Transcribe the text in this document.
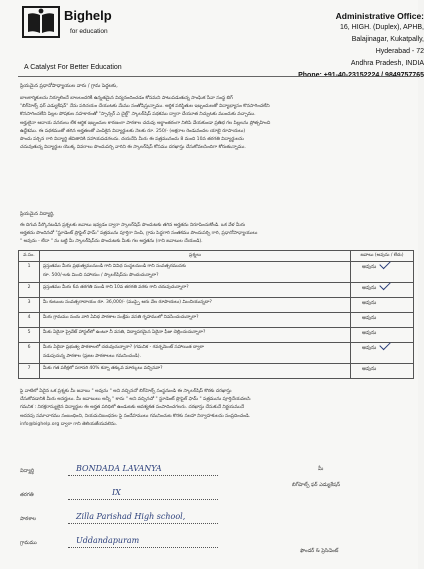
Bighelp
for education
A Catalyst For Better Education
Administrative Office:
16, HIGH. (Duplex), APHB,
Balajinagar, Kukatpally,
Hyderabad - 72
Andhra Pradesh, INDIA
Phone: +91-40-23152224 / 9849757765
ప్రియమైన ప్రధానోపాధ్యాయుల వారు / గ్రామ పెద్దలకు,
బాలకార్మికులను నిర్మూలించే బాలలందరికీ ఉన్నతమైన విద్యనందించడం కోసమని పాటుపడుతున్న సాంఘిక సేవా సంస్థ బిగ్
"బిగ్‌హెల్ప్ ఫర్ ఎడ్యుకేషన్" నేను పరిచయం చేయుటకు మేము సంతోషిస్తున్నాము. ఆర్థిక పరిస్థితుల ఇబ్బందులతో విద్యాభ్యాసం కొనసాగించలేని
కొనసాగించలేని పిల్లల పోషకుల సహకారంతో "స్పాన్సర్ ఎ చైల్డ్" స్కాలర్‌షిప్ పథకము ద్వారా చేయూత నిచ్చుటకు ముందుకు వచ్చాము.
అర్హులైనా ఆదాయ వనరులు లేక ఆర్థిక ఇబ్బందుల కారణంగా పాఠశాల చదువు అర్థాంతరంగా నిలిపి వేయకుండా ప్రతిభ గల పిల్లలను ప్రోత్సహించి
ఉద్దేశము. ఈ పథకముతో తగిన అర్హతలతో ఎంపికైన విద్యార్థులకు నెలకు రూ. 250/- (అక్షరాల రెండువందల యాభై రూపాయలు)
పొందు పర్చిన గారి విద్యార్థి జీవితానికి సహాయపడగలదు. దయచేసి మీరు ఈ పత్రమునందు 8 మంది 10వ తరగతి విద్యార్థులను
చదువుతున్న విద్యార్థుల యొక్క వివరాలు పొందుపర్చి వారిని ఈ స్కాలర్‌షిప్ కోసము దరఖాస్తు చేసుకోవలసిందిగా కోరుతున్నాము.
ప్రియమైన విద్యార్థి,
ఈ దిగువ పేర్కొనబడిన ప్రశ్నలకు జవాబు ఇవ్వడం ద్వారా స్కాలర్‌షిప్ పొందుటకు తగిన అర్హతను నిరూపించుకోండి. ఒక వేళ మీరు
అర్హతను పొందినచో "స్టూడెంట్ ప్రొఫైల్ ఫామ్" పత్రమును పూర్తిగా నింపి, గ్రామ పెద్దగారి సంతకము పొందుపర్చి గారి, ప్రధానోపాధ్యాయులు
" అవును - లేదా " ను బట్టి మీ స్కాలర్‌షిప్‌ను పొందుటకు మీకు గల అర్హతను (గాని జవాబుల చేయండి).
వ.సం.	ప్రశ్నలు	జవాబు (అవును / లేదు)
1	ప్రస్తుతము మీరు ప్రభుత్వమునుండి గాని వివిధ సంస్థలనుండి గాని సంవత్సరమునకు
రూ. 500/-లకు మించి సహాయం / స్కాలర్‌షిప్‌ను పొందుచున్నారా?	అవును
2	ప్రస్తుతము మీరు 6వ తరగతి నుండి గాని 10వ తరగతి వరకు గాని చదువుచున్నారా?	అవును
3	మీ కుటుంబ సంవత్సరాదాయం రూ. 36,000/- (ముప్పై ఆరు వేల రూపాయలు) మించియున్నదా?	అవును
4	మీరు గ్రామము నందు వారి ఏవిధ పాఠశాల సంక్షేమ వసతి గృహములో నివసించుచున్నారా?	అవును
5	మీకు ఏదైనా ప్రైవేట్ హాస్టల్‌లో ఉంటూ నీ వసతి, విద్యాపరమైన ఏదైనా ఫీజు చెల్లించుచున్నారా?	అవును
6	మీరు ఏదైనా ప్రభుత్వ పాఠశాలలో చదువుచున్నారా? (గమనిక - గవర్నమెంట్ సహాయిత ద్వారా
నడుపుచున్న పాఠశాల (ప్రజల పాఠశాలలు గమనించండి).	అవును
7	మీకు గత పరీక్షలో సరాసరి 40% కన్నా తక్కువ మార్కులు వచ్చినవా?	అవును
పై వాటిలో ఏదైన ఒక ప్రశ్నకు మీ జవాబు " అవును " అని వచ్చినచో బిగ్‌హెల్ప్ సంస్థనుండి ఈ స్కాలర్‌షిప్ కొరకు దరఖాస్తు
చేసుకోవడానికి మీరు అనర్హులు. మీ జవాబులు అన్నీ " కాదు " అని వచ్చినచో " స్టూడెంట్ ప్రొఫైల్ ఫామ్ " పత్రమును పూర్తిచేయవలసి
గమనిక : నిరక్షరాస్యులైన విద్యార్థుల ఈ అర్హత పరిధిలో ఉండుటకు ఆవశ్యకత సంపాదించగలరు. దరఖాస్తు చేసుకునే నిర్ణయమునే
అదనపు సమాచారము సంబంధించి, నియమనిబంధనల పై సందేహములు గమనించుట కొరకు సలహా నిర్వాహకులను సంప్రదించండి.
info@bighelp.org ద్వారా గాని తెలియజేయవలెను.
విద్యార్థి	BONDADA LAVANYA
తరగతి	IX
పాఠశాల	Zilla Parishad High school,
గ్రామము	Uddandapuram
మీ
బిగ్‌హెల్ప్ ఫర్ ఎడ్యుకేషన్
ఫౌండర్ & ప్రెసిడెంట్
